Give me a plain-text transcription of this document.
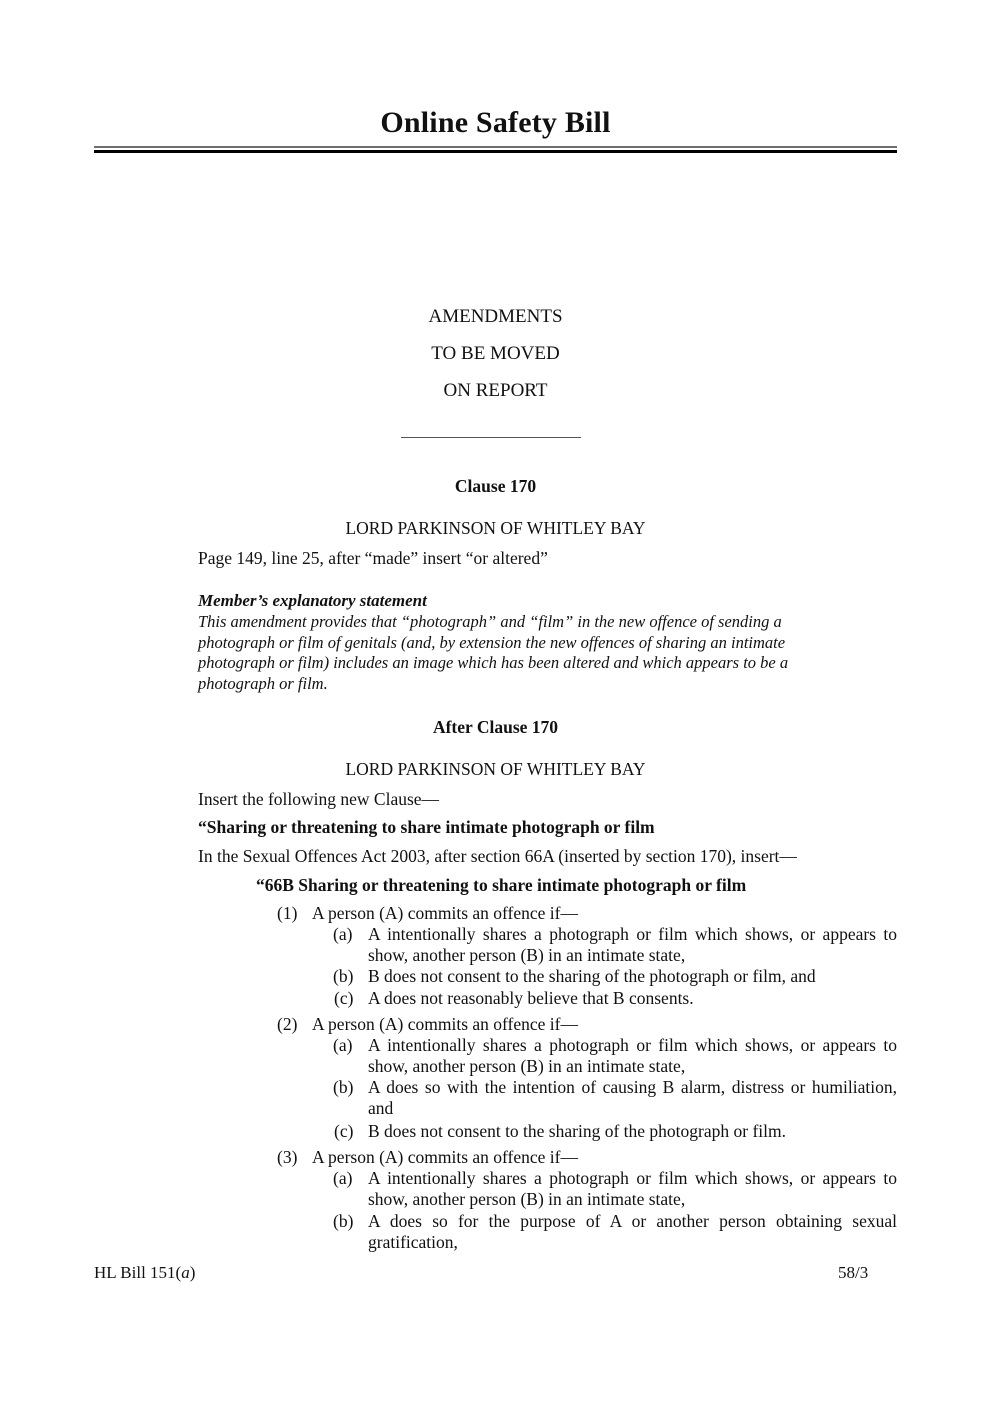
Online Safety Bill
AMENDMENTS
TO BE MOVED
ON REPORT
Clause 170
LORD PARKINSON OF WHITLEY BAY
Page 149, line 25, after “made” insert “or altered”
Member’s explanatory statement
This amendment provides that “photograph” and “film” in the new offence of sending a photograph or film of genitals (and, by extension the new offences of sharing an intimate photograph or film) includes an image which has been altered and which appears to be a photograph or film.
After Clause 170
LORD PARKINSON OF WHITLEY BAY
Insert the following new Clause—
“Sharing or threatening to share intimate photograph or film
In the Sexual Offences Act 2003, after section 66A (inserted by section 170), insert—
“66B Sharing or threatening to share intimate photograph or film
(1) A person (A) commits an offence if—
(a) A intentionally shares a photograph or film which shows, or appears to show, another person (B) in an intimate state,
(b) B does not consent to the sharing of the photograph or film, and
(c) A does not reasonably believe that B consents.
(2) A person (A) commits an offence if—
(a) A intentionally shares a photograph or film which shows, or appears to show, another person (B) in an intimate state,
(b) A does so with the intention of causing B alarm, distress or humiliation, and
(c) B does not consent to the sharing of the photograph or film.
(3) A person (A) commits an offence if—
(a) A intentionally shares a photograph or film which shows, or appears to show, another person (B) in an intimate state,
(b) A does so for the purpose of A or another person obtaining sexual gratification,
HL Bill 151(a)	58/3
